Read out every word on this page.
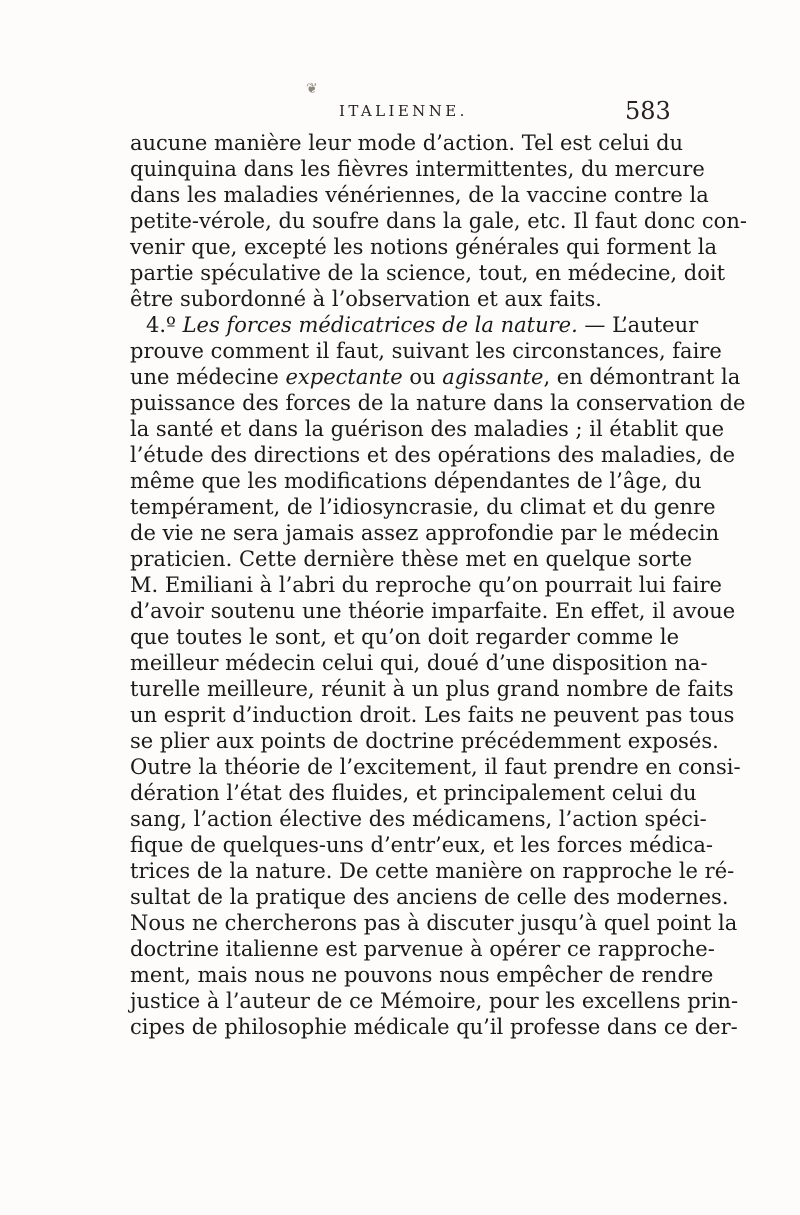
❦
ITALIENNE.	583
aucune manière leur mode d’action. Tel est celui du
quinquina dans les fièvres intermittentes, du mercure
dans les maladies vénériennes, de la vaccine contre la
petite-vérole, du soufre dans la gale, etc. Il faut donc con-
venir que, excepté les notions générales qui forment la
partie spéculative de la science, tout, en médecine, doit
être subordonné à l’observation et aux faits.
4.º Les forces médicatrices de la nature. — L’auteur
prouve comment il faut, suivant les circonstances, faire
une médecine expectante ou agissante, en démontrant la
puissance des forces de la nature dans la conservation de
la santé et dans la guérison des maladies ; il établit que
l’étude des directions et des opérations des maladies, de
même que les modifications dépendantes de l’âge, du
tempérament, de l’idiosyncrasie, du climat et du genre
de vie ne sera jamais assez approfondie par le médecin
praticien. Cette dernière thèse met en quelque sorte
M. Emiliani à l’abri du reproche qu’on pourrait lui faire
d’avoir soutenu une théorie imparfaite. En effet, il avoue
que toutes le sont, et qu’on doit regarder comme le
meilleur médecin celui qui, doué d’une disposition na-
turelle meilleure, réunit à un plus grand nombre de faits
un esprit d’induction droit. Les faits ne peuvent pas tous
se plier aux points de doctrine précédemment exposés.
Outre la théorie de l’excitement, il faut prendre en consi-
dération l’état des fluides, et principalement celui du
sang, l’action élective des médicamens, l’action spéci-
fique de quelques-uns d’entr’eux, et les forces médica-
trices de la nature. De cette manière on rapproche le ré-
sultat de la pratique des anciens de celle des modernes.
Nous ne chercherons pas à discuter jusqu’à quel point la
doctrine italienne est parvenue à opérer ce rapproche-
ment, mais nous ne pouvons nous empêcher de rendre
justice à l’auteur de ce Mémoire, pour les excellens prin-
cipes de philosophie médicale qu’il professe dans ce der-
